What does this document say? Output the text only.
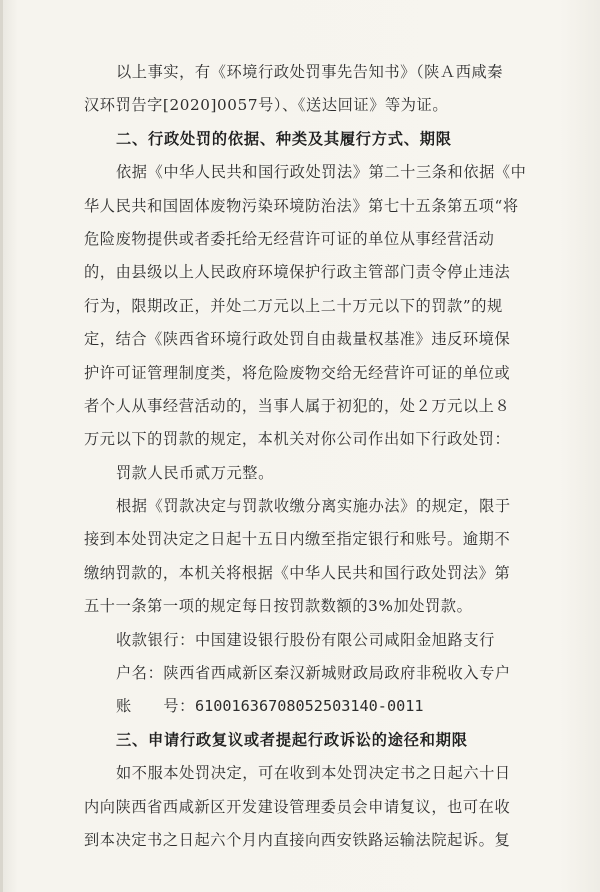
以上事实，有《环境行政处罚事先告知书》（陕Ａ西咸秦
汉环罚告字[2020]0057号）、《送达回证》等为证。
二、行政处罚的依据、种类及其履行方式、期限
依据《中华人民共和国行政处罚法》第二十三条和依据《中
华人民共和国固体废物污染环境防治法》第七十五条第五项“将
危险废物提供或者委托给无经营许可证的单位从事经营活动
的，由县级以上人民政府环境保护行政主管部门责令停止违法
行为，限期改正，并处二万元以上二十万元以下的罚款”的规
定，结合《陕西省环境行政处罚自由裁量权基准》违反环境保
护许可证管理制度类，将危险废物交给无经营许可证的单位或
者个人从事经营活动的，当事人属于初犯的，处２万元以上８
万元以下的罚款的规定，本机关对你公司作出如下行政处罚：
罚款人民币贰万元整。
根据《罚款决定与罚款收缴分离实施办法》的规定，限于
接到本处罚决定之日起十五日内缴至指定银行和账号。逾期不
缴纳罚款的，本机关将根据《中华人民共和国行政处罚法》第
五十一条第一项的规定每日按罚款数额的3%加处罚款。
收款银行：中国建设银行股份有限公司咸阳金旭路支行
户名：陕西省西咸新区秦汉新城财政局政府非税收入专户
账　　号：61001636708052503140-0011
三、申请行政复议或者提起行政诉讼的途径和期限
如不服本处罚决定，可在收到本处罚决定书之日起六十日
内向陕西省西咸新区开发建设管理委员会申请复议，也可在收
到本决定书之日起六个月内直接向西安铁路运输法院起诉。复
